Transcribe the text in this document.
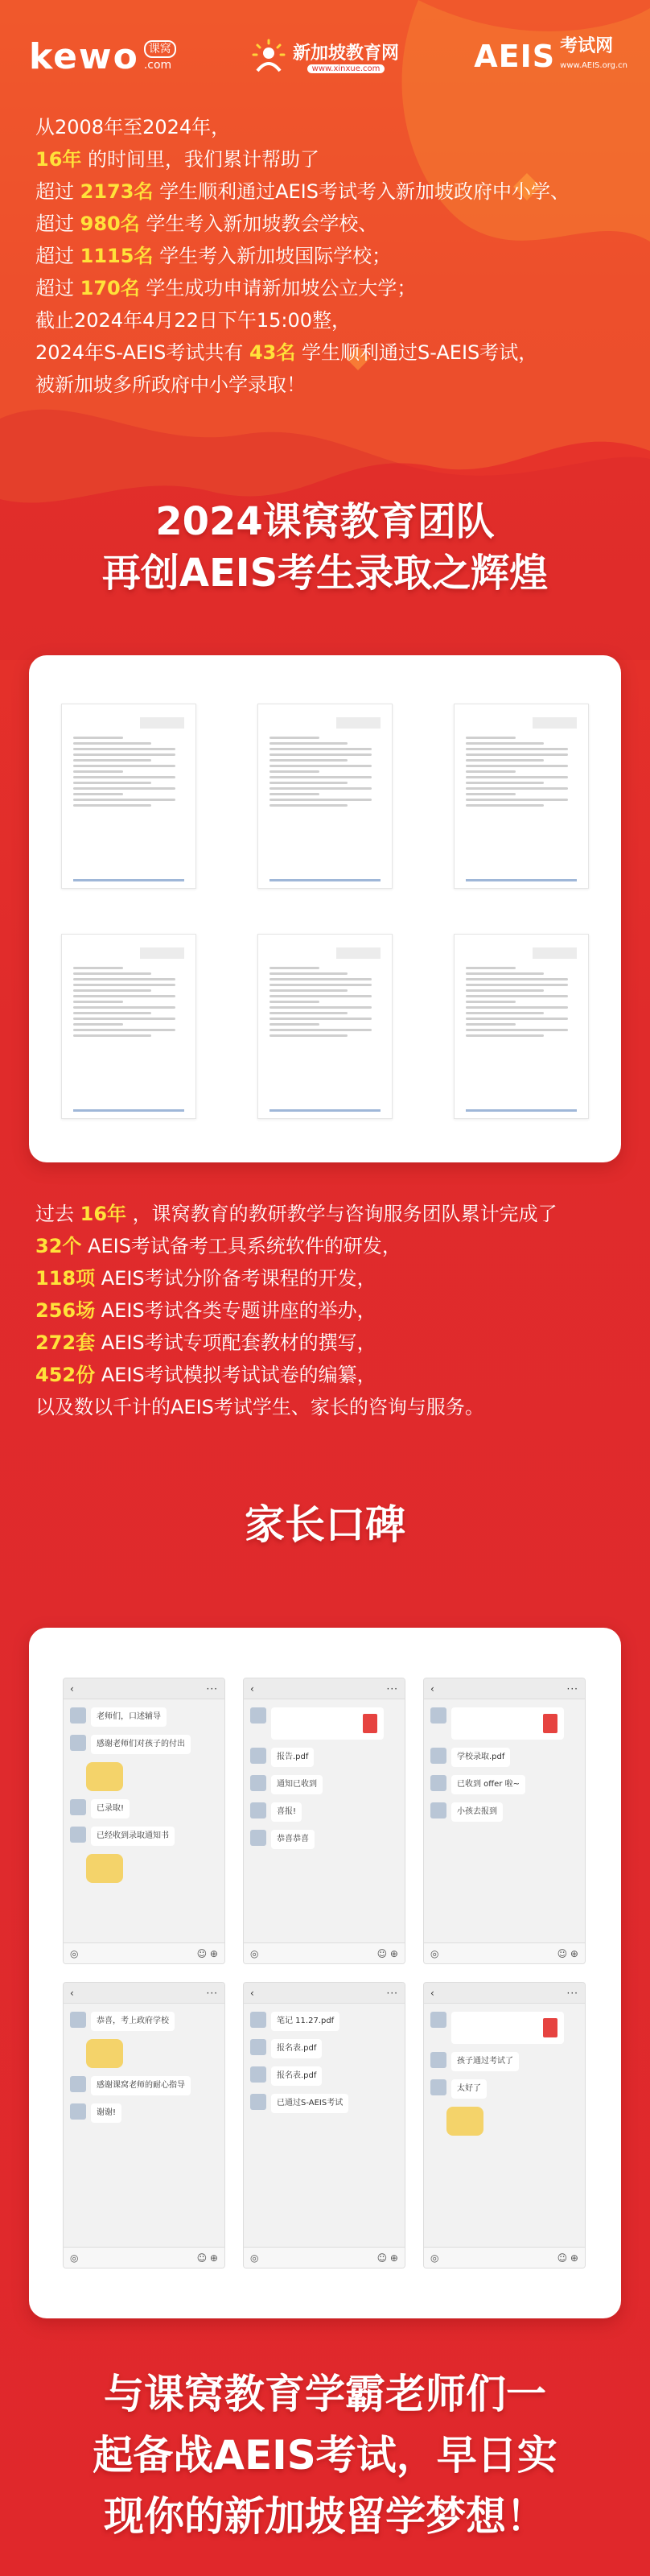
kewo 课窝
.com
新加坡教育网
www.xinxue.com	AEIS 考试网
www.AEIS.org.cn

从2008年至2024年，

16年 的时间里，我们累计帮助了

超过 2173名 学生顺利通过AEIS考试考入新加坡政府中小学、

超过 980名 学生考入新加坡教会学校、

超过 1115名 学生考入新加坡国际学校；

超过 170名 学生成功申请新加坡公立大学；

截止2024年4月22日下午15:00整，

2024年S-AEIS考试共有 43名 学生顺利通过S-AEIS考试，

被新加坡多所政府中小学录取！

2024课窝教育团队
再创AEIS考生录取之辉煌

过去 16年 ，课窝教育的教研教学与咨询服务团队累计完成了

32个 AEIS考试备考工具系统软件的研发，

118项 AEIS考试分阶备考课程的开发，

256场 AEIS考试各类专题讲座的举办，

272套 AEIS考试专项配套教材的撰写，

452份 AEIS考试模拟考试试卷的编纂，

以及数以千计的AEIS考试学生、家长的咨询与服务。

家长口碑
‹	···
老师们，口述辅导
感谢老师们对孩子的付出
已录取!
已经收到录取通知书
◎	☺ ⊕
‹	···
报告.pdf
通知已收到
喜报!
恭喜恭喜
◎	☺ ⊕
‹	···
学校录取.pdf
已收到 offer 啦~
小孩去报到
◎	☺ ⊕
‹	···
恭喜，考上政府学校
感谢课窝老师的耐心指导
谢谢!
◎	☺ ⊕
‹	···
笔记 11.27.pdf
报名表.pdf
报名表.pdf
已通过S-AEIS考试
◎	☺ ⊕
‹	···
孩子通过考试了
太好了
◎	☺ ⊕
与课窝教育学霸老师们一
起备战AEIS考试，早日实
现你的新加坡留学梦想！
